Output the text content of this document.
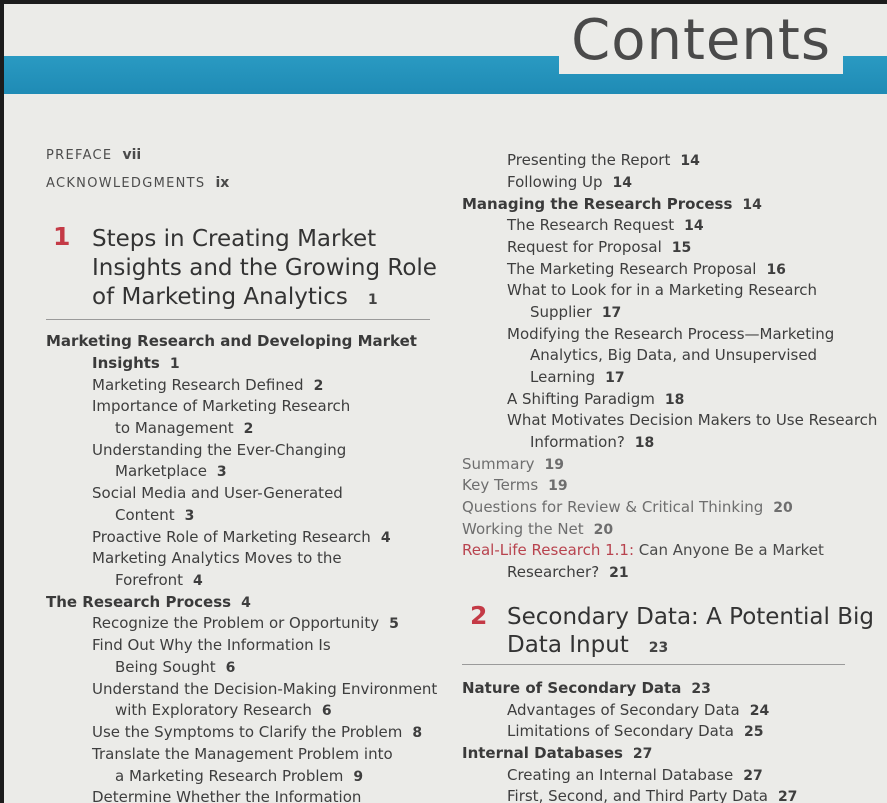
Contents
PREFACE vii
ACKNOWLEDGMENTS ix
1 Steps in Creating Market
Insights and the Growing Role
of Marketing Analytics 1
Marketing Research and Developing Market
Insights 1
Marketing Research Defined 2
Importance of Marketing Research
to Management 2
Understanding the Ever-Changing
Marketplace 3
Social Media and User-Generated
Content 3
Proactive Role of Marketing Research 4
Marketing Analytics Moves to the
Forefront 4
The Research Process 4
Recognize the Problem or Opportunity 5
Find Out Why the Information Is
Being Sought 6
Understand the Decision-Making Environment
with Exploratory Research 6
Use the Symptoms to Clarify the Problem 8
Translate the Management Problem into
a Marketing Research Problem 9
Determine Whether the Information
Presenting the Report 14
Following Up 14
Managing the Research Process 14
The Research Request 14
Request for Proposal 15
The Marketing Research Proposal 16
What to Look for in a Marketing Research
Supplier 17
Modifying the Research Process—Marketing
Analytics, Big Data, and Unsupervised
Learning 17
A Shifting Paradigm 18
What Motivates Decision Makers to Use Research
Information? 18
Summary 19
Key Terms 19
Questions for Review & Critical Thinking 20
Working the Net 20
Real-Life Research 1.1: Can Anyone Be a Market
Researcher? 21
2 Secondary Data: A Potential Big
Data Input 23
Nature of Secondary Data 23
Advantages of Secondary Data 24
Limitations of Secondary Data 25
Internal Databases 27
Creating an Internal Database 27
First, Second, and Third Party Data 27
